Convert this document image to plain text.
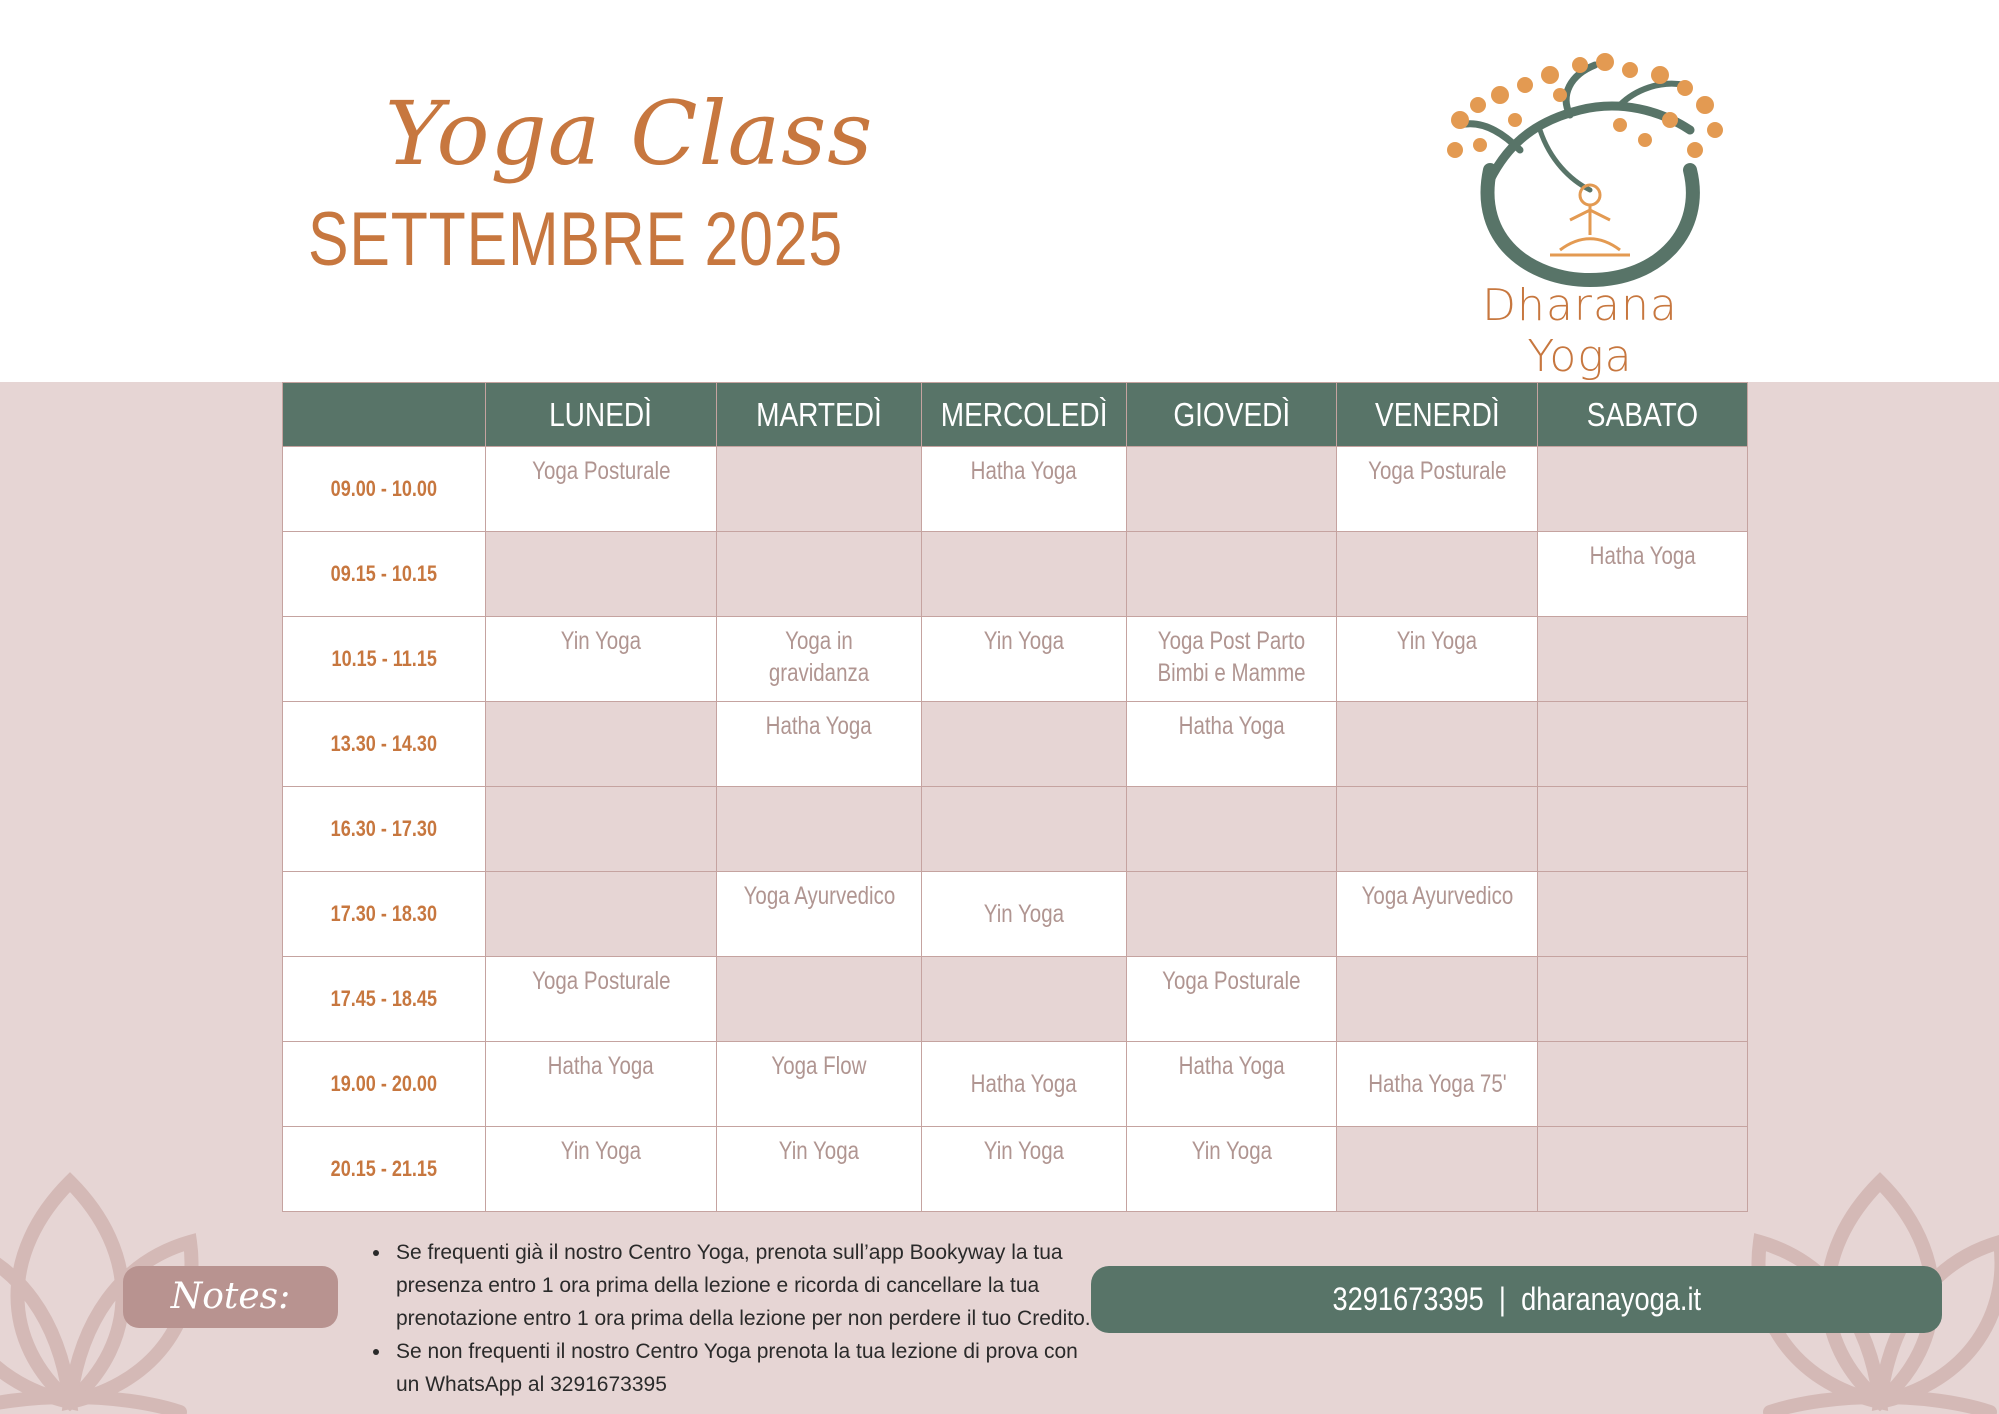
Yoga Class
SETTEMBRE 2025
Dharana Yoga
	LUNEDÌ	MARTEDÌ	MERCOLEDÌ	GIOVEDÌ	VENERDÌ	SABATO
09.00 - 10.00	Yoga Posturale		Hatha Yoga		Yoga Posturale	
09.15 - 10.15						Hatha Yoga
10.15 - 11.15	Yin Yoga	Yoga in gravidanza	Yin Yoga	Yoga Post Parto Bimbi e Mamme	Yin Yoga	
13.30 - 14.30		Hatha Yoga		Hatha Yoga		
16.30 - 17.30						
17.30 - 18.30		Yoga Ayurvedico	Yin Yoga		Yoga Ayurvedico	
17.45 - 18.45	Yoga Posturale			Yoga Posturale		
19.00 - 20.00	Hatha Yoga	Yoga Flow	Hatha Yoga	Hatha Yoga	Hatha Yoga 75'	
20.15 - 21.15	Yin Yoga	Yin Yoga	Yin Yoga	Yin Yoga		
Notes:
• Se frequenti già il nostro Centro Yoga, prenota sull’app Bookyway la tua presenza entro 1 ora prima della lezione e ricorda di cancellare la tua prenotazione entro 1 ora prima della lezione per non perdere il tuo Credito.
• Se non frequenti il nostro Centro Yoga prenota la tua lezione di prova con un WhatsApp al 3291673395
3291673395  |  dharanayoga.it
